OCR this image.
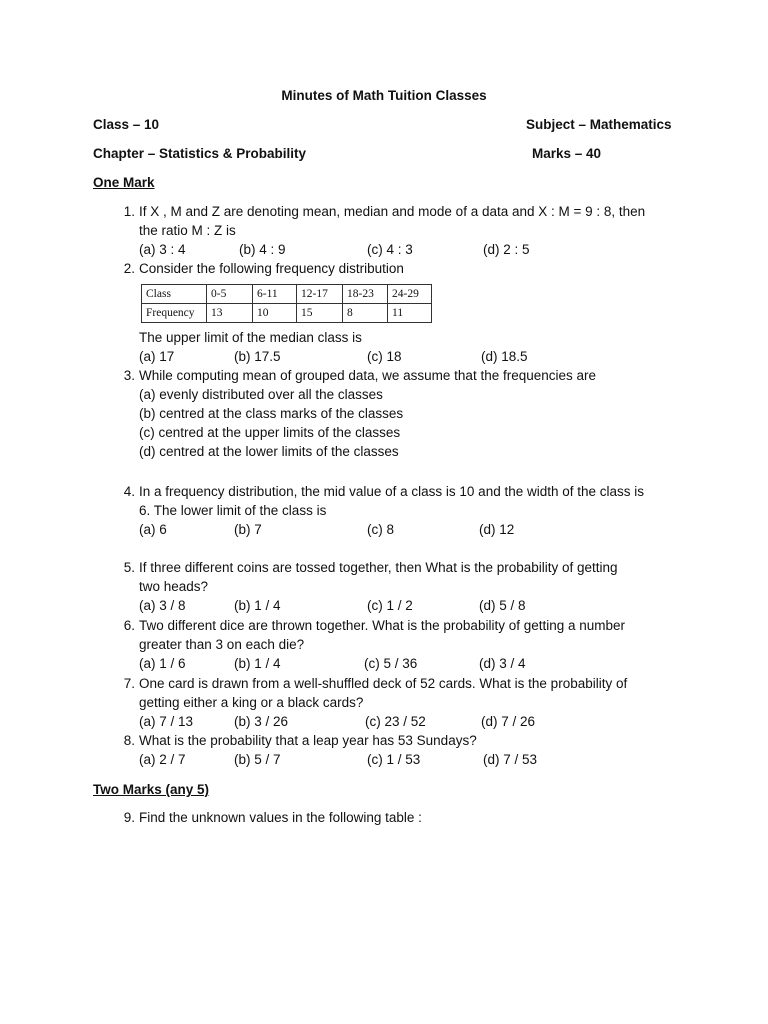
Minutes of Math Tuition Classes
Class – 10	Subject – Mathematics
Chapter – Statistics & Probability	Marks – 40
One Mark
1. If X , M and Z are denoting mean, median and mode of a data and X : M = 9 : 8, then
the ratio M : Z is
(a) 3 : 4	(b) 4 : 9	(c) 4 : 3	(d) 2 : 5
2. Consider the following frequency distribution
Class	0-5	6-11	12-17	18-23	24-29
Frequency	13	10	15	8	11
The upper limit of the median class is
(a) 17	(b) 17.5	(c) 18	(d) 18.5
3. While computing mean of grouped data, we assume that the frequencies are
(a) evenly distributed over all the classes
(b) centred at the class marks of the classes
(c) centred at the upper limits of the classes
(d) centred at the lower limits of the classes
4. In a frequency distribution, the mid value of a class is 10 and the width of the class is
6. The lower limit of the class is
(a) 6	(b) 7	(c) 8	(d) 12
5. If three different coins are tossed together, then What is the probability of getting
two heads?
(a) 3 / 8	(b) 1 / 4	(c) 1 / 2	(d) 5 / 8
6. Two different dice are thrown together. What is the probability of getting a number
greater than 3 on each die?
(a) 1 / 6	(b) 1 / 4	(c) 5 / 36	(d) 3 / 4
7. One card is drawn from a well-shuffled deck of 52 cards. What is the probability of
getting either a king or a black cards?
(a) 7 / 13	(b) 3 / 26	(c) 23 / 52	(d) 7 / 26
8. What is the probability that a leap year has 53 Sundays?
(a) 2 / 7	(b) 5 / 7	(c) 1 / 53	(d) 7 / 53
Two Marks (any 5)
9. Find the unknown values in the following table :
